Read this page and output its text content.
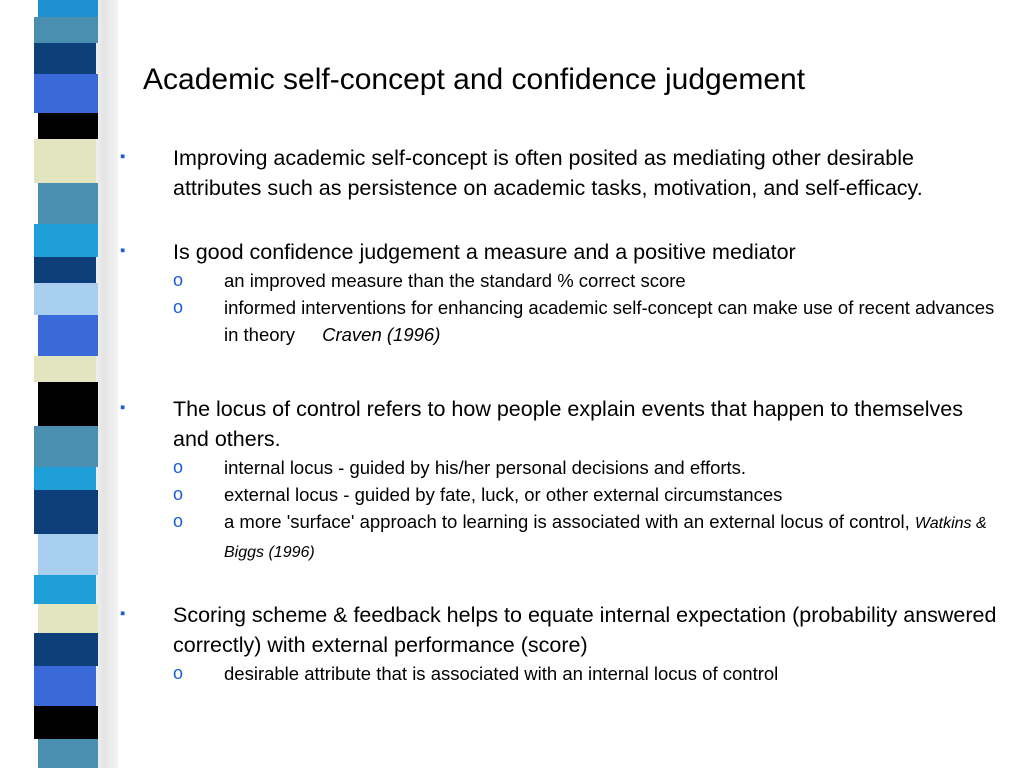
Academic self-concept and confidence judgement
▪ Improving academic self-concept is often posited as mediating other desirable attributes such as persistence on academic tasks, motivation, and self-efficacy.
▪ Is good confidence judgement a measure and a positive mediator
o an improved measure than the standard % correct score
o informed interventions for enhancing academic self-concept can make use of recent advances in theory Craven (1996)
▪ The locus of control refers to how people explain events that happen to themselves and others.
o internal locus - guided by his/her personal decisions and efforts.
o external locus - guided by fate, luck, or other external circumstances
o a more 'surface' approach to learning is associated with an external locus of control, Watkins & Biggs (1996)
▪ Scoring scheme & feedback helps to equate internal expectation (probability answered correctly) with external performance (score)
o desirable attribute that is associated with an internal locus of control
